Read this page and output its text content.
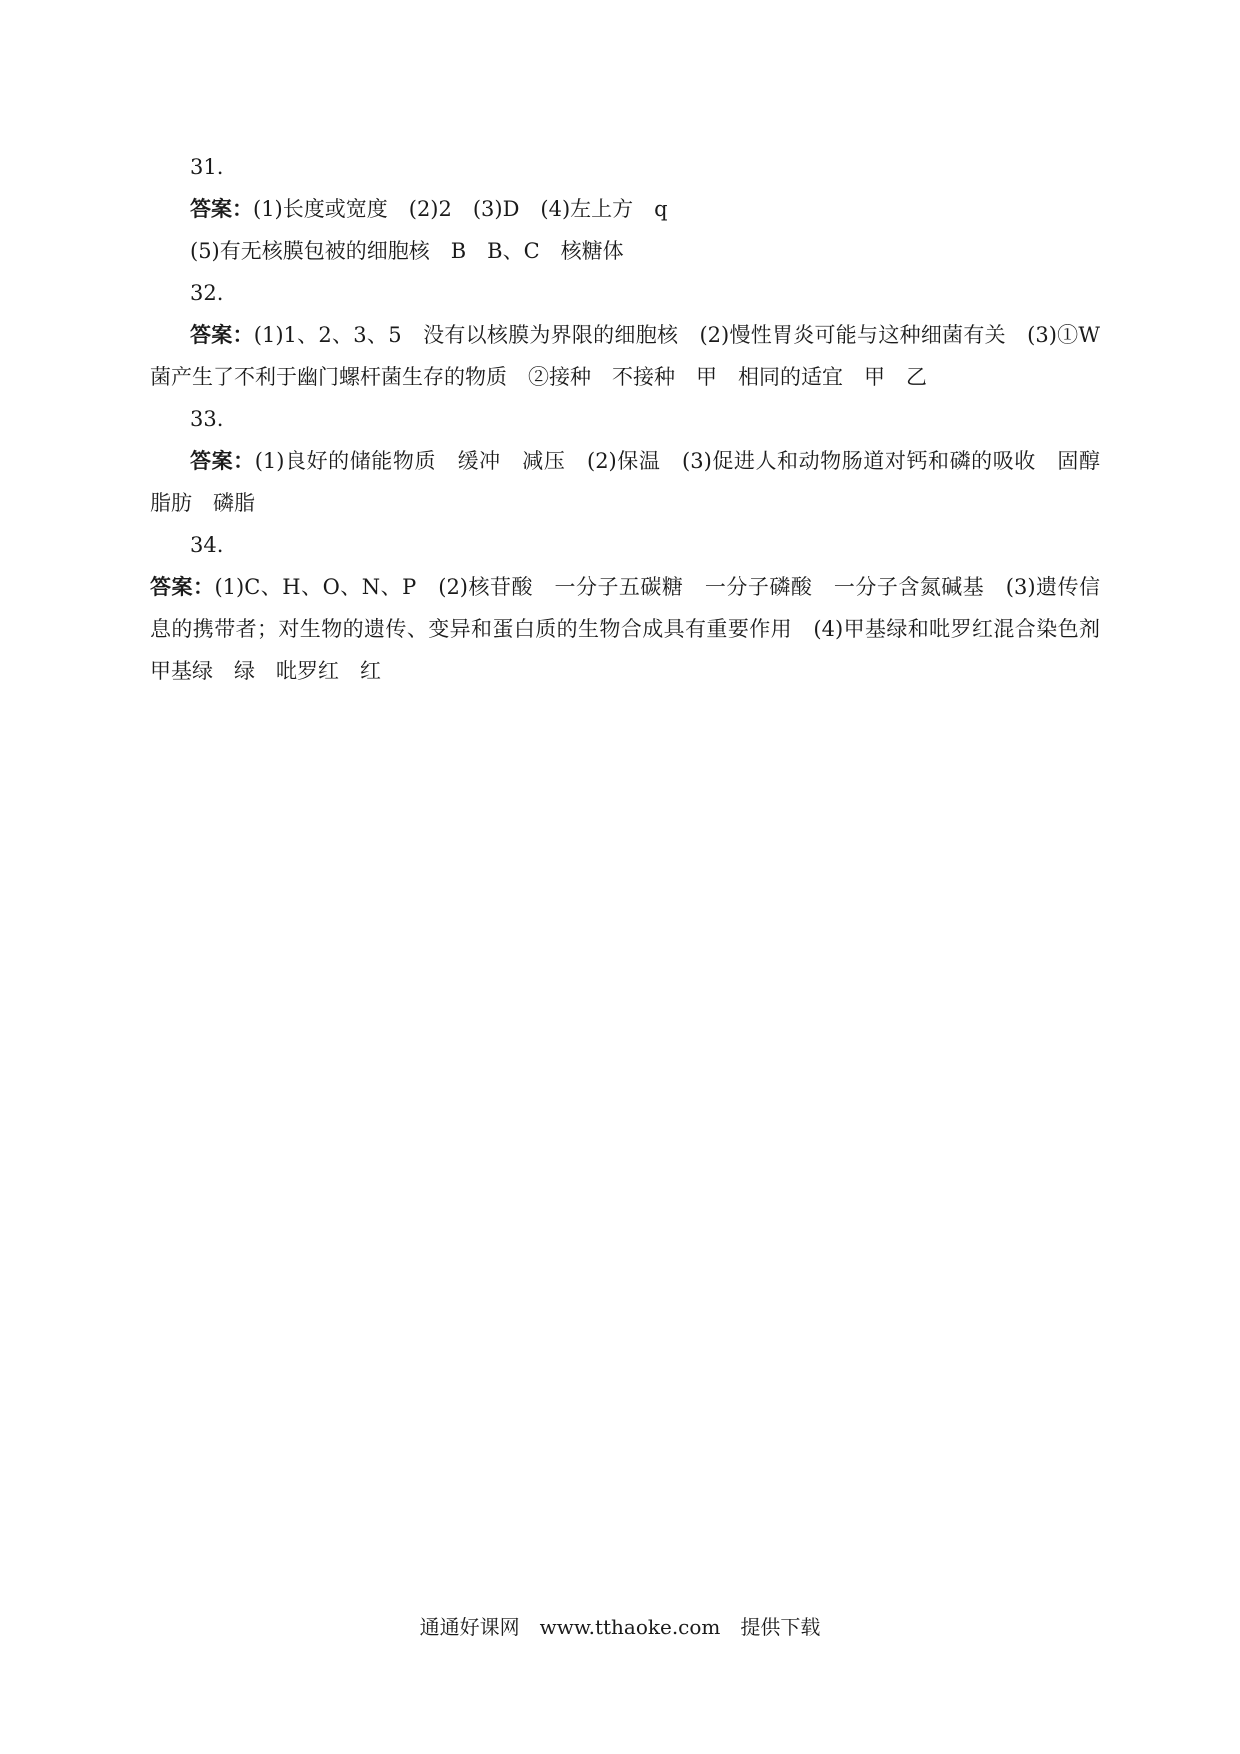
31.
答案：(1)长度或宽度　(2)2　(3)D　(4)左上方　q
(5)有无核膜包被的细胞核　B　B、C　核糖体
32.
答案：(1)1、2、3、5　没有以核膜为界限的细胞核　(2)慢性胃炎可能与这种细菌有关　(3)①W菌产生了不利于幽门螺杆菌生存的物质　②接种　不接种　甲　相同的适宜　甲　乙
33.
答案：(1)良好的储能物质　缓冲　减压　(2)保温　(3)促进人和动物肠道对钙和磷的吸收　固醇　脂肪　磷脂
34.
答案：(1)C、H、O、N、P　(2)核苷酸　一分子五碳糖　一分子磷酸　一分子含氮碱基　(3)遗传信息的携带者；对生物的遗传、变异和蛋白质的生物合成具有重要作用　(4)甲基绿和吡罗红混合染色剂　甲基绿　绿　吡罗红　红
通通好课网　www.tthaoke.com　提供下载
